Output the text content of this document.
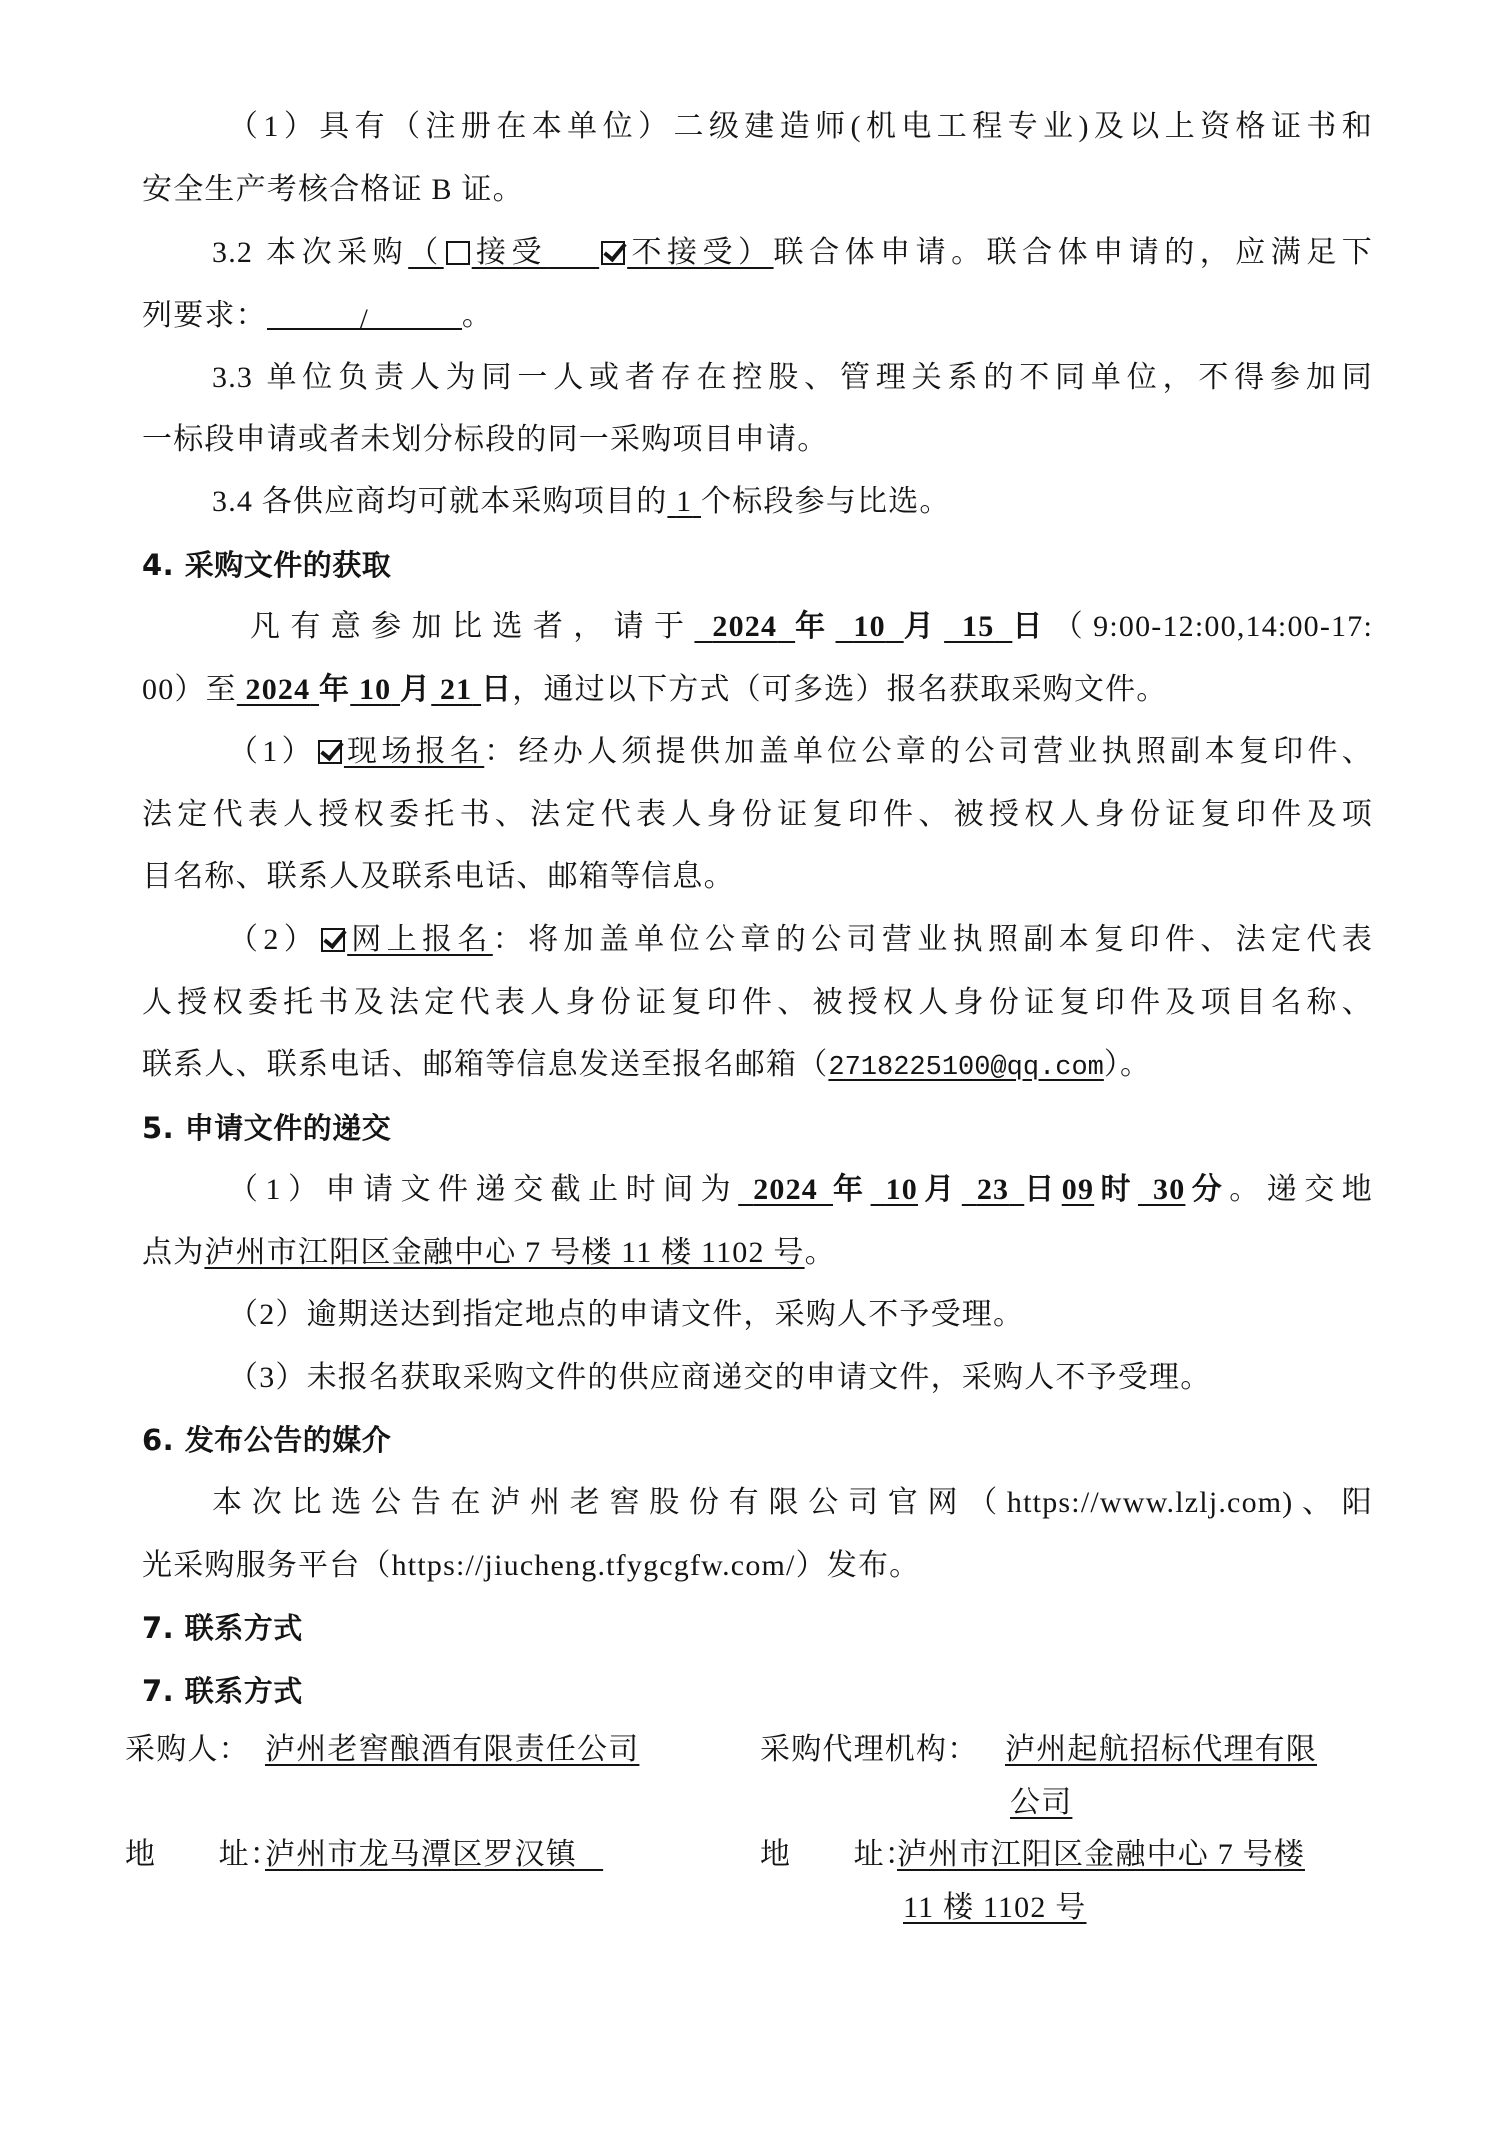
（1）具有（注册在本单位）二级建造师(机电工程专业)及以上资格证书和
安全生产考核合格证 B 证。
3.2 本次采购（ 接受	不接受）联合体申请。联合体申请的，应满足下
列要求：	/	。
3.3 单位负责人为同一人或者存在控股、管理关系的不同单位，不得参加同
一标段申请或者未划分标段的同一采购项目申请。
3.4 各供应商均可就本采购项目的 1 个标段参与比选。
4. 采购文件的获取
凡有意参加比选者，请于 2024 年 10 月 15 日（9:00-12:00,14:00-17:
00）至 2024 年 10 月 21 日，通过以下方式（可多选）报名获取采购文件。
（1） 现场报名：经办人须提供加盖单位公章的公司营业执照副本复印件、
法定代表人授权委托书、法定代表人身份证复印件、被授权人身份证复印件及项
目名称、联系人及联系电话、邮箱等信息。
（2） 网上报名：将加盖单位公章的公司营业执照副本复印件、法定代表
人授权委托书及法定代表人身份证复印件、被授权人身份证复印件及项目名称、
联系人、联系电话、邮箱等信息发送至报名邮箱（2718225100@qq.com）。
5. 申请文件的递交
（1）申请文件递交截止时间为 2024 年 10月 23 日09时 30分。递交地
点为泸州市江阳区金融中心 7 号楼 11 楼 1102 号。
（2）逾期送达到指定地点的申请文件，采购人不予受理。
（3）未报名获取采购文件的供应商递交的申请文件，采购人不予受理。
6. 发布公告的媒介
本次比选公告在泸州老窖股份有限公司官网（https://www.lzlj.com)、阳
光采购服务平台（https://jiucheng.tfygcgfw.com/）发布。
7. 联系方式
7. 联系方式
采购人： 泸州老窖酿酒有限责任公司	采购代理机构： 泸州起航招标代理有限
公司
地　　址：
泸州市龙马潭区罗汉镇	地　　址：
泸州市江阳区金融中心 7 号楼
11 楼 1102 号
